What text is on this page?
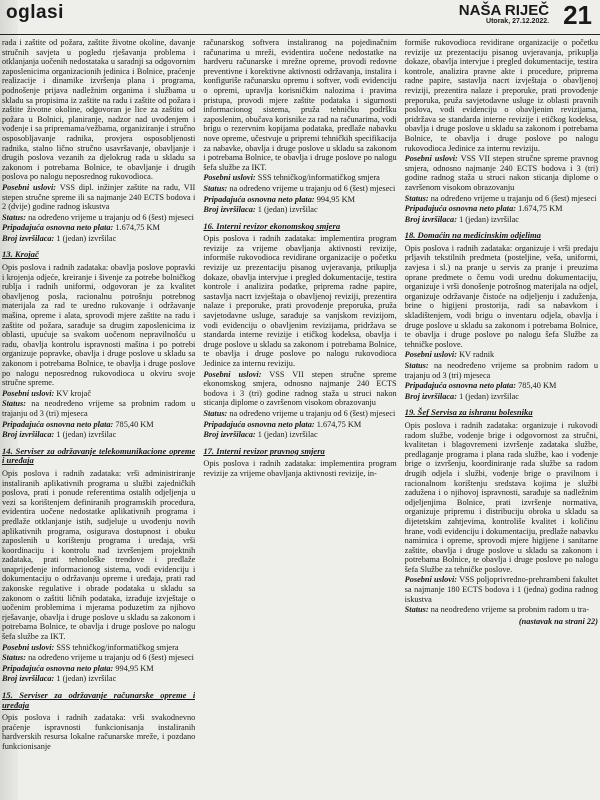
oglasi	NAŠA RIJEČ
Utorak, 27.12.2022. 21

rada i zaštite od požara, zaštite životne okoline, davanje stručnih savjeta u pogledu rješavanja problema i otklanjanja uočenih nedostataka u saradnji sa odgovornim zaposlenicima organizacionih jedinica i Bolnice, praćenje realizacije i dinamike izvršenja plana i programa, podnošenje prijava nadležnim organima i službama u skladu sa propisima iz zaštite na radu i zaštite od požara i zaštite životne okoline, odgovoran je lice za zaštitu od požara u Bolnici, planiranje, nadzor nad uvođenjem i vođenje i sa pripremama/vežbama, organiziranje i stručno osposobljavanje radnika, provjera osposobljenosti radnika, stalno lično stručno usavršavanje, obavljanje i drugih poslova vezanih za djelokrug rada u skladu sa zakonom i potrebama Bolnice, te obavljanje i drugih poslova po nalogu neposrednog rukovodioca.

Posebni uslovi: VSS dipl. inžinjer zaštite na radu, VII stepen stručne spreme ili sa najmanje 240 ECTS bodova i 2 (dvije) godine radnog iskustva

Status: na određeno vrijeme u trajanju od 6 (šest) mjeseci

Pripadajuća osnovna neto plata: 1.674,75 KM

Broj izvršilaca: 1 (jedan) izvršilac

13. Krojač

Opis poslova i radnih zadataka: obavlja poslove popravki i krojenja odjeće, kreiranje i šivenje za potrebe bolničkog rublja i radnih uniformi, odgovoran je za kvalitet obavljenog posla, racionalnu potrošnju potrebnog materijala za rad te uredno rukovanje i održavanje mašina, opreme i alata, sprovodi mjere zaštite na radu i zaštite od požara, sarađuje sa drugim zaposlenicima iz oblasti, upućuje sa svakom uočenom nepravilnošću u radu, obavlja kontrolu ispravnosti mašina i po potrebi organizuje popravke, obavlja i druge poslove u skladu sa zakonom i potrebama Bolnice, te obavlja i druge poslove po nalogu neposrednog rukovodioca u okviru svoje stručne spreme.

Posebni uslovi: KV krojač

Status: na neodređeno vrijeme sa probnim radom u trajanju od 3 (tri) mjeseca

Pripadajuća osnovna neto plata: 785,40 KM

Broj izvršilaca: 1 (jedan) izvršilac

14. Serviser za održavanje telekomunikacione opreme i uređaja

Opis poslova i radnih zadataka: vrši administriranje instaliranih aplikativnih programa u službi zajedničkih poslova, prati i ponude referentima ostalih odjeljenja u vezi sa korištenjem definiranih programskih procedura, evidentira uočene nedostatke aplikativnih programa i predlaže otklanjanje istih, sudjeluje u uvođenju novih aplikativnih programa, osigurava dostupnost i obuku zaposlenih u korištenju programa i uređaja, vrši koordinaciju i kontrolu nad izvršenjem projektnih zadataka, prati tehnološke trendove i predlaže unaprijeđenje informacionog sistema, vodi evidenciju i dokumentaciju o održavanju opreme i uređaja, prati rad zakonske regulative i obrade podataka u skladu sa zakonom o zaštiti ličnih podataka, izrađuje izvještaje o uočenim problemima i mjerama poduzetim za njihovo rješavanje, obavlja i druge poslove u skladu sa zakonom i potrebama Bolnice, te obavlja i druge poslove po nalogu šefa službe za IKT.

Posebni uslovi: SSS tehničkog/informatičkog smjera

Status: na određeno vrijeme u trajanju od 6 (šest) mjeseci

Pripadajuća osnovna neto plata: 994,95 KM

Broj izvršilaca: 1 (jedan) izvršilac

15. Serviser za održavanje računarske opreme i uređaja

Opis poslova i radnih zadataka: vrši svakodnevno praćenje ispravnosti funkcionisanja instaliranih hardverskih resursa lokalne računarske mreže, i pozdano funkcionisanje

računarskog softvera instaliranog na pojedinačnim računarima u mreži, evidentira uočene nedostatke na hardveru računarske i mrežne opreme, provodi redovne preventivne i korektivne aktivnosti održavanja, instalira i konfiguriše računarsku opremu i softver, vodi evidenciju o opremi, upravlja korisničkim nalozima i pravima pristupa, provodi mjere zaštite podataka i sigurnosti informacionog sistema, pruža tehničku podršku zaposlenim, obučava korisnike za rad na računarima, vodi brigu o rezervnim kopijama podataka, predlaže nabavku nove opreme, učestvuje u pripremi tehničkih specifikacija za nabavke, obavlja i druge poslove u skladu sa zakonom i potrebama Bolnice, te obavlja i druge poslove po nalogu šefa službe za IKT.

Posebni uslovi: SSS tehničkog/informatičkog smjera

Status: na određeno vrijeme u trajanju od 6 (šest) mjeseci

Pripadajuća osnovna neto plata: 994,95 KM

Broj izvršilaca: 1 (jedan) izvršilac

16. Interni revizor ekonomskog smjera

Opis poslova i radnih zadataka: implementira program revizije za vrijeme obavljanja aktivnosti revizije, informiše rukovodioca revidirane organizacije o početku revizije uz prezentaciju pisanog uvjeravanja, prikuplja dokaze, obavlja intervjue i pregled dokumentacije, testira kontrole i analizira podatke, priprema radne papire, sastavlja nacrt izvještaja o obavljenoj reviziji, prezentira nalaze i preporuke, prati provođenje preporuka, pruža savjetodavne usluge, sarađuje sa vanjskom revizijom, vodi evidenciju o obavljenim revizijama, pridržava se standarda interne revizije i etičkog kodeksa, obavlja i druge poslove u skladu sa zakonom i potrebama Bolnice, te obavlja i druge poslove po nalogu rukovodioca Jedinice za internu reviziju.

Posebni uslovi: VSS VII stepen stručne spreme ekonomskog smjera, odnosno najmanje 240 ECTS bodova i 3 (tri) godine radnog staža u struci nakon sticanja diplome o završenom visokom obrazovanju

Status: na određeno vrijeme u trajanju od 6 (šest) mjeseci

Pripadajuća osnovna neto plata: 1.674,75 KM

Broj izvršilaca: 1 (jedan) izvršilac

17. Interni revizor pravnog smjera

Opis poslova i radnih zadataka: implementira program revizije za vrijeme obavljanja aktivnosti revizije, in-

formiše rukovodioca revidirane organizacije o početku revizije uz prezentaciju pisanog uvjeravanja, prikuplja dokaze, obavlja intervjue i pregled dokumentacije, testira kontrole, analizira pravne akte i procedure, priprema radne papire, sastavlja nacrt izvještaja o obavljenoj reviziji, prezentira nalaze i preporuke, prati provođenje preporuka, pruža savjetodavne usluge iz oblasti pravnih poslova, vodi evidenciju o obavljenim revizijama, pridržava se standarda interne revizije i etičkog kodeksa, obavlja i druge poslove u skladu sa zakonom i potrebama Bolnice, te obavlja i druge poslove po nalogu rukovodioca Jedinice za internu reviziju.

Posebni uslovi: VSS VII stepen stručne spreme pravnog smjera, odnosno najmanje 240 ECTS bodova i 3 (tri) godine radnog staža u struci nakon sticanja diplome o završenom visokom obrazovanju

Status: na određeno vrijeme u trajanju od 6 (šest) mjeseci

Pripadajuća osnovna neto plata: 1.674,75 KM

Broj izvršilaca: 1 (jedan) izvršilac

18. Domaćin na medicinskim odjelima

Opis poslova i radnih zadataka: organizuje i vrši predaju prljavih tekstilnih predmeta (posteljine, veša, uniformi, zavjesa i sl.) na pranje u servis za pranje i preuzima oprane predmete o čemu vodi urednu dokumentaciju, organizuje i vrši donošenje potrošnog materijala na odjel, organizuje održavanje čistoće na odjeljenju i zaduženja, brine o higijeni prostorija, radi sa nabavkom i skladištenjem, vodi brigu o inventaru odjela, obavlja i druge poslove u skladu sa zakonom i potrebama Bolnice, te obavlja i druge poslove po nalogu šefa Službe za tehničke poslove.

Posebni uslovi: KV radnik

Status: na neodređeno vrijeme sa probnim radom u trajanju od 3 (tri) mjeseca

Pripadajuća osnovna neto plata: 785,40 KM

Broj izvršilaca: 1 (jedan) izvršilac

19. Šef Servisa za ishranu bolesnika

Opis poslova i radnih zadataka: organizuje i rukovodi radom službe, vodenje brige i odgovornost za stručni, kvalitetan i blagovremeni izvršenje zadataka službe, predlaganje programa i plana rada službe, kao i vođenje brige o izvršenju, koordiniranje rada službe sa radom drugih odjela i službi, vođenje brige o pravilnom i racionalnom korištenju sredstava kojima je službi zadužena i o njihovoj ispravnosti, sarađuje sa nadležnim odjeljenjima Bolnice, prati izvršenje normativa, organizuje pripremu i distribuciju obroka u skladu sa dijetetskim zahtjevima, kontroliše kvalitet i količinu hrane, vodi evidenciju i dokumentaciju, predlaže nabavku namirnica i opreme, sprovodi mjere higijene i sanitarne zaštite, obavlja i druge poslove u skladu sa zakonom i potrebama Bolnice, te obavlja i druge poslove po nalogu šefa Službe za tehničke poslove.

Posebni uslovi: VSS poljoprivredno-prehrambeni fakultet sa najmanje 180 ECTS bodova i 1 (jedna) godina radnog iskustva

Status: na neodređeno vrijeme sa probnim radom u tra-

(nastavak na strani 22)
